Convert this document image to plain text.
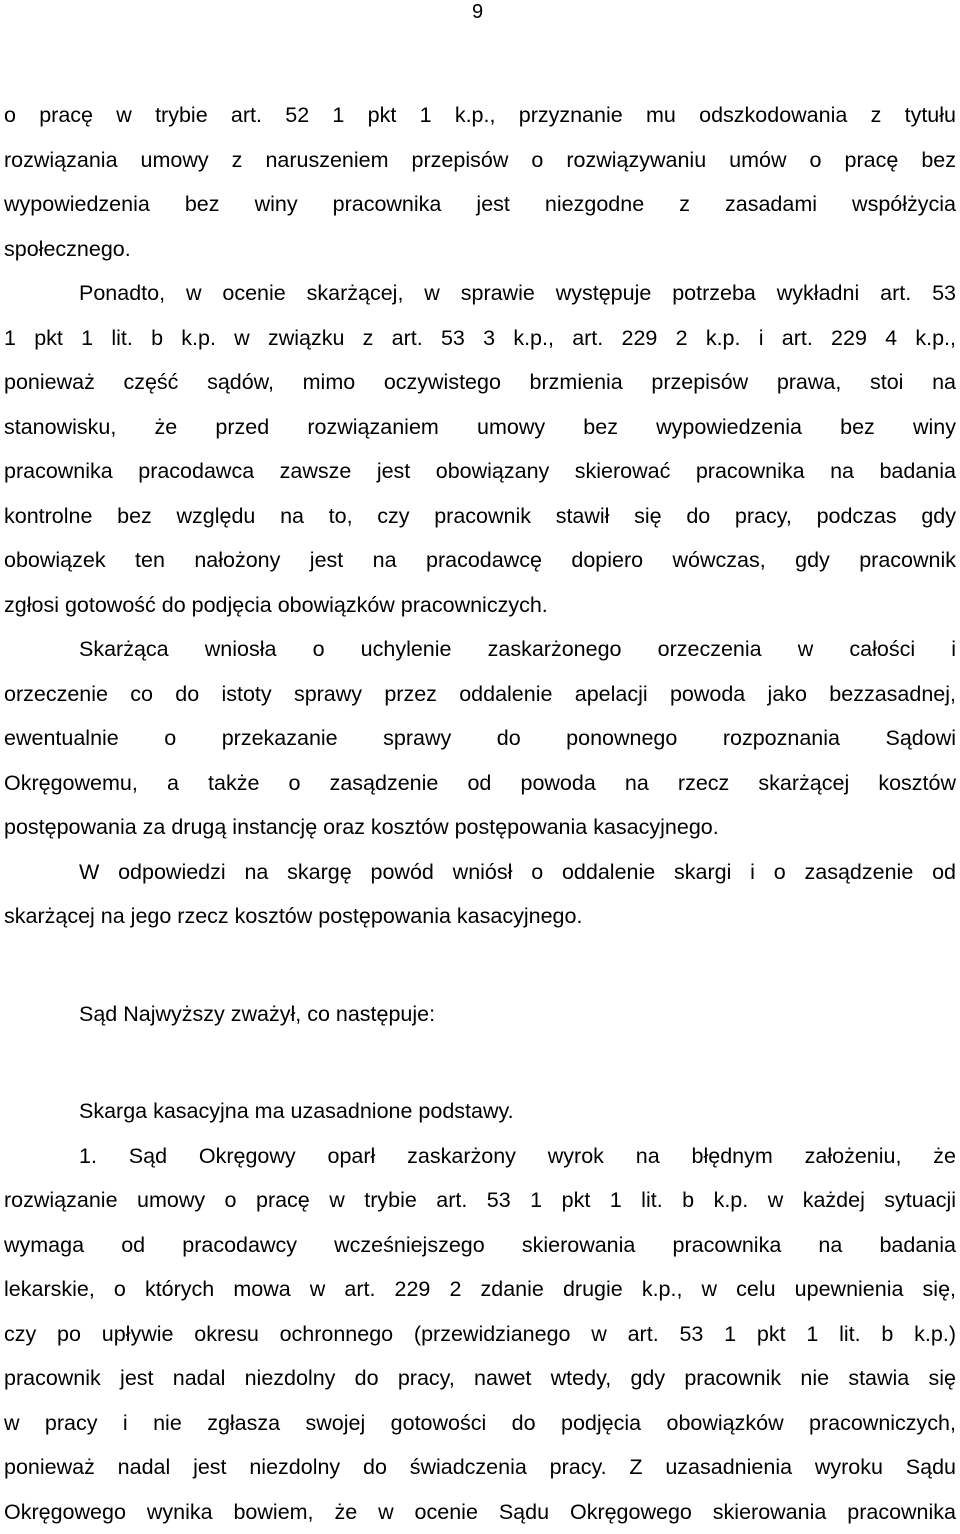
9
o pracę w trybie art. 52 1 pkt 1 k.p., przyznanie mu odszkodowania z tytułu
rozwiązania umowy z naruszeniem przepisów o rozwiązywaniu umów o pracę bez
wypowiedzenia bez winy pracownika jest niezgodne z zasadami współżycia
społecznego.
Ponadto, w ocenie skarżącej, w sprawie występuje potrzeba wykładni art. 53
1 pkt 1 lit. b k.p. w związku z art. 53 3 k.p., art. 229 2 k.p. i art. 229 4 k.p.,
ponieważ część sądów, mimo oczywistego brzmienia przepisów prawa, stoi na
stanowisku, że przed rozwiązaniem umowy bez wypowiedzenia bez winy
pracownika pracodawca zawsze jest obowiązany skierować pracownika na badania
kontrolne bez względu na to, czy pracownik stawił się do pracy, podczas gdy
obowiązek ten nałożony jest na pracodawcę dopiero wówczas, gdy pracownik
zgłosi gotowość do podjęcia obowiązków pracowniczych.
Skarżąca wniosła o uchylenie zaskarżonego orzeczenia w całości i
orzeczenie co do istoty sprawy przez oddalenie apelacji powoda jako bezzasadnej,
ewentualnie o przekazanie sprawy do ponownego rozpoznania Sądowi
Okręgowemu, a także o zasądzenie od powoda na rzecz skarżącej kosztów
postępowania za drugą instancję oraz kosztów postępowania kasacyjnego.
W odpowiedzi na skargę powód wniósł o oddalenie skargi i o zasądzenie od
skarżącej na jego rzecz kosztów postępowania kasacyjnego.
Sąd Najwyższy zważył, co następuje:
Skarga kasacyjna ma uzasadnione podstawy.
1. Sąd Okręgowy oparł zaskarżony wyrok na błędnym założeniu, że
rozwiązanie umowy o pracę w trybie art. 53 1 pkt 1 lit. b k.p. w każdej sytuacji
wymaga od pracodawcy wcześniejszego skierowania pracownika na badania
lekarskie, o których mowa w art. 229 2 zdanie drugie k.p., w celu upewnienia się,
czy po upływie okresu ochronnego (przewidzianego w art. 53 1 pkt 1 lit. b k.p.)
pracownik jest nadal niezdolny do pracy, nawet wtedy, gdy pracownik nie stawia się
w pracy i nie zgłasza swojej gotowości do podjęcia obowiązków pracowniczych,
ponieważ nadal jest niezdolny do świadczenia pracy. Z uzasadnienia wyroku Sądu
Okręgowego wynika bowiem, że w ocenie Sądu Okręgowego skierowania pracownika
